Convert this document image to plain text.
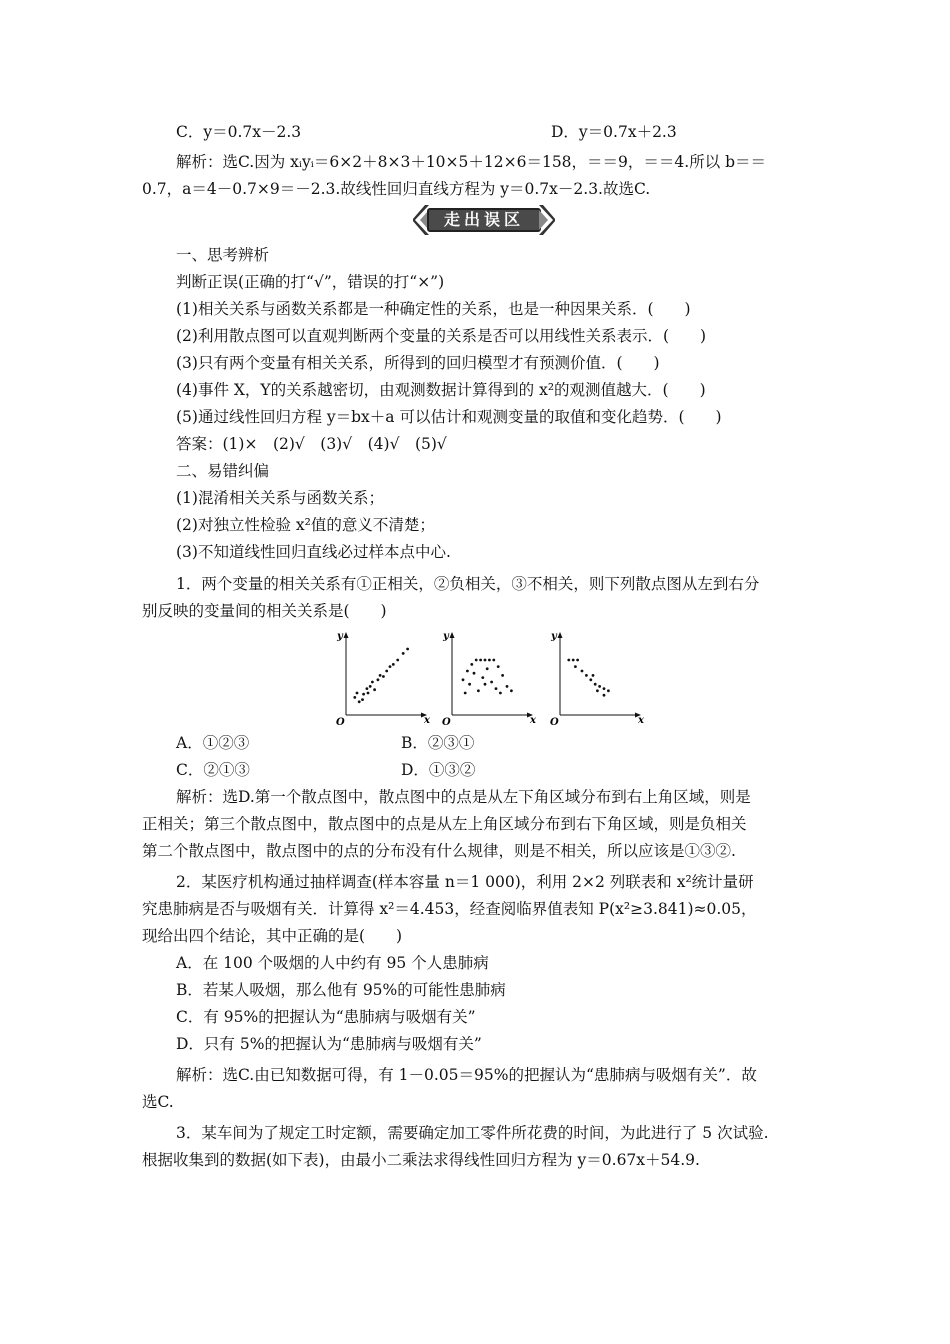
C．y＝0.7x－2.3	D．y＝0.7x＋2.3
解析：选C.因为 xᵢyᵢ＝6×2＋8×3＋10×5＋12×6＝158，＝＝9，＝＝4.所以 b＝＝
0.7，a＝4－0.7×9＝－2.3.故线性回归直线方程为 y＝0.7x－2.3.故选C.
走出误区
一、思考辨析
判断正误(正确的打“√”，错误的打“×”)
(1)相关关系与函数关系都是一种确定性的关系，也是一种因果关系．(　　)
(2)利用散点图可以直观判断两个变量的关系是否可以用线性关系表示．(　　)
(3)只有两个变量有相关关系，所得到的回归模型才有预测价值．(　　)
(4)事件 X，Y的关系越密切，由观测数据计算得到的 x²的观测值越大．(　　)
(5)通过线性回归方程 y＝bx＋a 可以估计和观测变量的取值和变化趋势．(　　)
答案：(1)×　(2)√　(3)√　(4)√　(5)√
二、易错纠偏
(1)混淆相关关系与函数关系；
(2)对独立性检验 x²值的意义不清楚；
(3)不知道线性回归直线必过样本点中心.
1．两个变量的相关关系有①正相关，②负相关，③不相关，则下列散点图从左到右分
别反映的变量间的相关关系是(　　)
y
x
O
y
x
O
y
x
O
A．①②③	B．②③①
C．②①③	D．①③②
解析：选D.第一个散点图中，散点图中的点是从左下角区域分布到右上角区域，则是
正相关；第三个散点图中，散点图中的点是从左上角区域分布到右下角区域，则是负相关
第二个散点图中，散点图中的点的分布没有什么规律，则是不相关，所以应该是①③②.
2．某医疗机构通过抽样调查(样本容量 n＝1 000)，利用 2×2 列联表和 x²统计量研
究患肺病是否与吸烟有关．计算得 x²＝4.453，经查阅临界值表知 P(x²≥3.841)≈0.05，
现给出四个结论，其中正确的是(　　)
A．在 100 个吸烟的人中约有 95 个人患肺病
B．若某人吸烟，那么他有 95%的可能性患肺病
C．有 95%的把握认为“患肺病与吸烟有关”
D．只有 5%的把握认为“患肺病与吸烟有关”
解析：选C.由已知数据可得，有 1－0.05＝95%的把握认为“患肺病与吸烟有关”．故
选C.
3．某车间为了规定工时定额，需要确定加工零件所花费的时间，为此进行了 5 次试验.
根据收集到的数据(如下表)，由最小二乘法求得线性回归方程为 y＝0.67x＋54.9.
